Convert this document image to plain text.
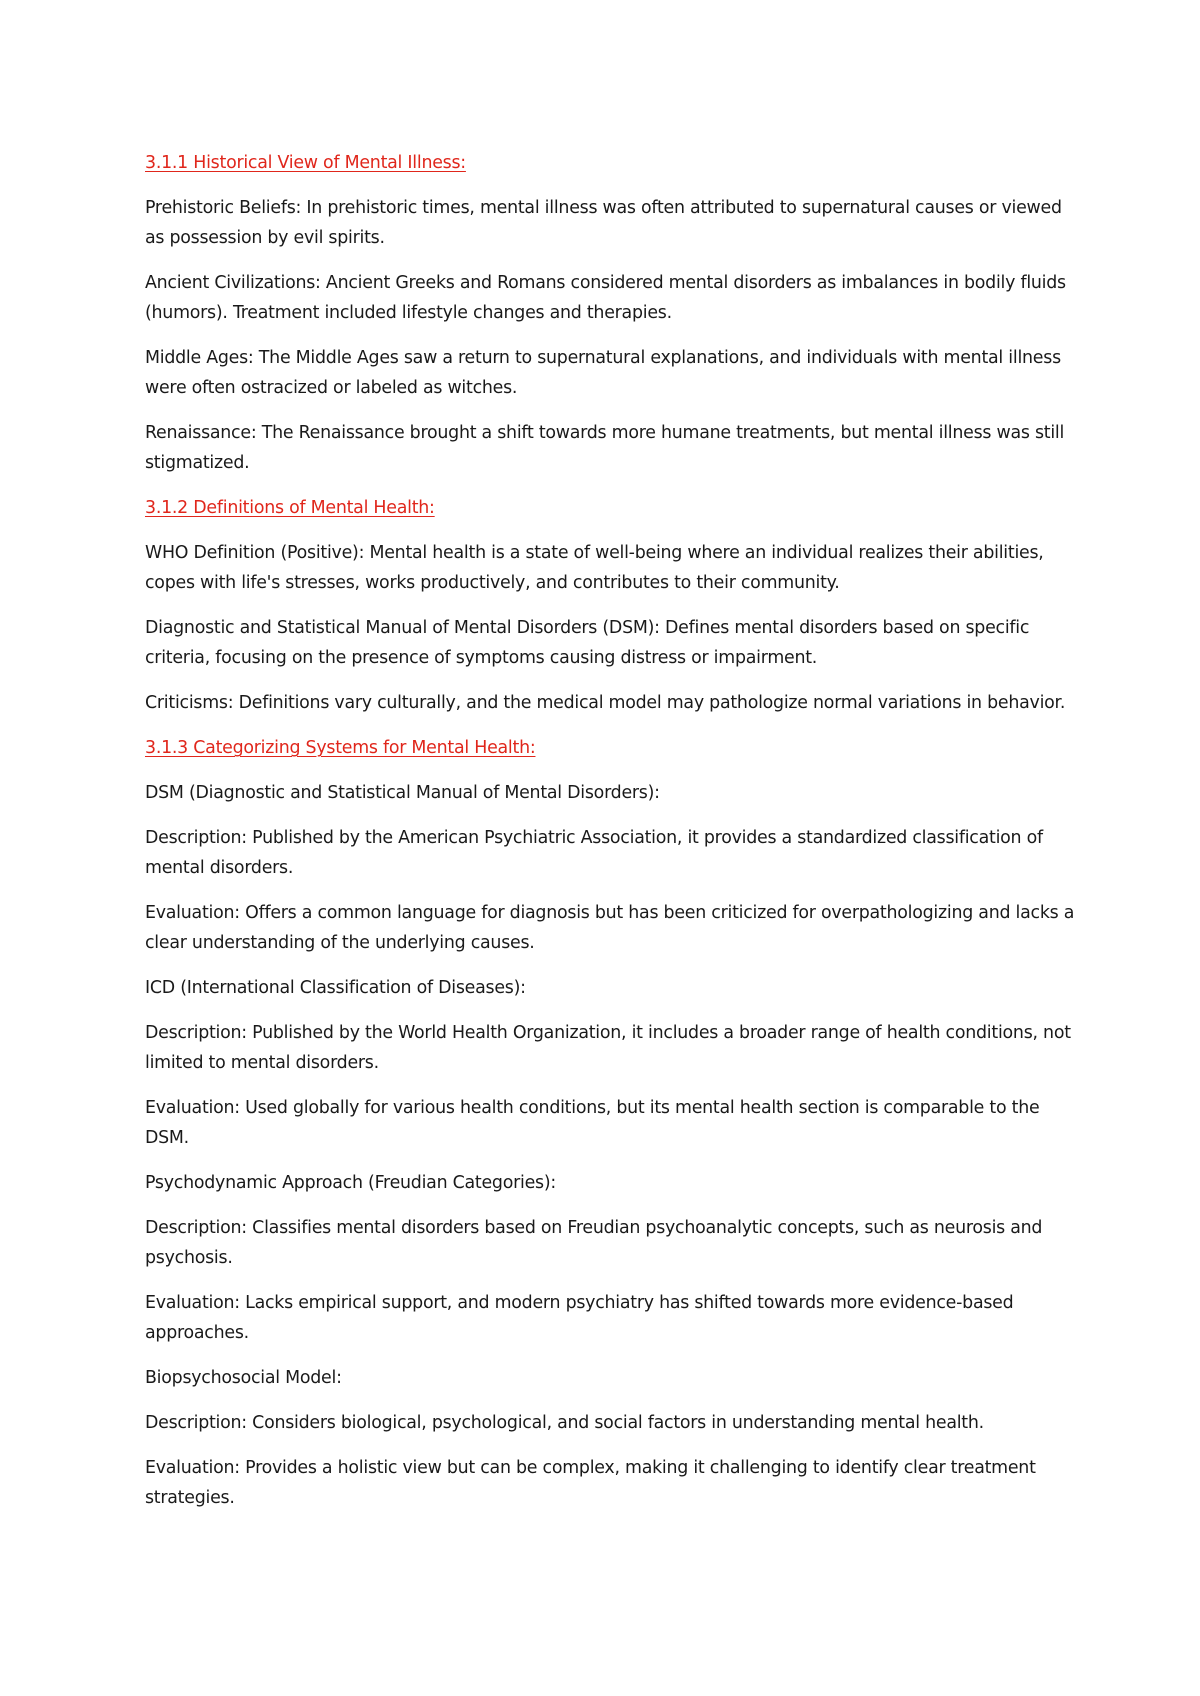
3.1.1 Historical View of Mental Illness:

Prehistoric Beliefs: In prehistoric times, mental illness was often attributed to supernatural causes or viewed as possession by evil spirits.

Ancient Civilizations: Ancient Greeks and Romans considered mental disorders as imbalances in bodily fluids (humors). Treatment included lifestyle changes and therapies.

Middle Ages: The Middle Ages saw a return to supernatural explanations, and individuals with mental illness were often ostracized or labeled as witches.

Renaissance: The Renaissance brought a shift towards more humane treatments, but mental illness was still stigmatized.

3.1.2 Definitions of Mental Health:

WHO Definition (Positive): Mental health is a state of well-being where an individual realizes their abilities, copes with life's stresses, works productively, and contributes to their community.

Diagnostic and Statistical Manual of Mental Disorders (DSM): Defines mental disorders based on specific criteria, focusing on the presence of symptoms causing distress or impairment.

Criticisms: Definitions vary culturally, and the medical model may pathologize normal variations in behavior.

3.1.3 Categorizing Systems for Mental Health:

DSM (Diagnostic and Statistical Manual of Mental Disorders):

Description: Published by the American Psychiatric Association, it provides a standardized classification of mental disorders.

Evaluation: Offers a common language for diagnosis but has been criticized for overpathologizing and lacks a clear understanding of the underlying causes.

ICD (International Classification of Diseases):

Description: Published by the World Health Organization, it includes a broader range of health conditions, not limited to mental disorders.

Evaluation: Used globally for various health conditions, but its mental health section is comparable to the DSM.

Psychodynamic Approach (Freudian Categories):

Description: Classifies mental disorders based on Freudian psychoanalytic concepts, such as neurosis and psychosis.

Evaluation: Lacks empirical support, and modern psychiatry has shifted towards more evidence-based approaches.

Biopsychosocial Model:

Description: Considers biological, psychological, and social factors in understanding mental health.

Evaluation: Provides a holistic view but can be complex, making it challenging to identify clear treatment strategies.
